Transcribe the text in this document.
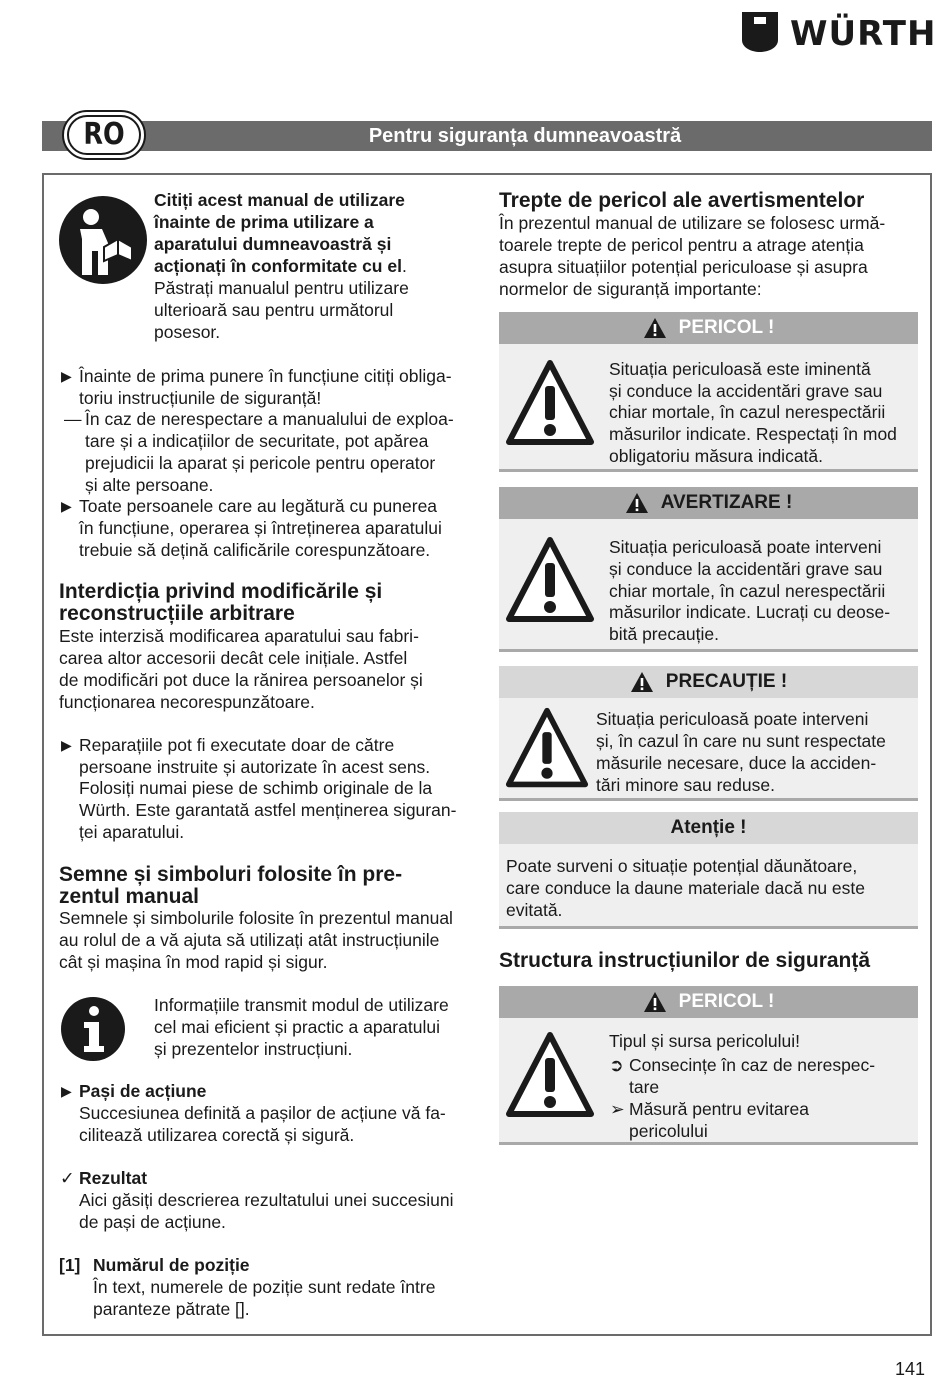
WÜRTH
Pentru siguranța dumneavoastră
RO
Citiți acest manual de utilizare
înainte de prima utilizare a
aparatului dumneavoastră și
acționați în conformitate cu el.
Păstrați manualul pentru utilizare
ulterioară sau pentru următorul
posesor.
▶ Înainte de prima punere în funcțiune citiți obliga-
toriu instrucțiunile de siguranță!
— În caz de nerespectare a manualului de exploa-
tare și a indicațiilor de securitate, pot apărea
prejudicii la aparat și pericole pentru operator
și alte persoane.
▶ Toate persoanele care au legătură cu punerea
în funcțiune, operarea și întreținerea aparatului
trebuie să dețină calificările corespunzătoare.
Interdicția privind modificările și
reconstrucțiile arbitrare
Este interzisă modificarea aparatului sau fabri-
carea altor accesorii decât cele inițiale. Astfel
de modificări pot duce la rănirea persoanelor și
funcționarea necorespunzătoare.
▶ Reparațiile pot fi executate doar de către
persoane instruite și autorizate în acest sens.
Folosiți numai piese de schimb originale de la
Würth. Este garantată astfel menținerea siguran-
ței aparatului.
Semne și simboluri folosite în pre-
zentul manual
Semnele și simbolurile folosite în prezentul manual
au rolul de a vă ajuta să utilizați atât instrucțiunile
cât și mașina în mod rapid și sigur.
Informațiile transmit modul de utilizare
cel mai eficient și practic a aparatului
și prezentelor instrucțiuni.
▶ Pași de acțiune
Succesiunea definită a pașilor de acțiune vă fa-
cilitează utilizarea corectă și sigură.
✓ Rezultat
Aici găsiți descrierea rezultatului unei succesiuni
de pași de acțiune.
[1] Numărul de poziție
În text, numerele de poziție sunt redate între
paranteze pătrate [].
Trepte de pericol ale avertismentelor
În prezentul manual de utilizare se folosesc urmă-
toarele trepte de pericol pentru a atrage atenția
asupra situațiilor potențial periculoase și asupra
normelor de siguranță importante:
PERICOL !
Situația periculoasă este iminentă
și conduce la accidentări grave sau
chiar mortale, în cazul nerespectării
măsurilor indicate. Respectați în mod
obligatoriu măsura indicată.
AVERTIZARE !
Situația periculoasă poate interveni
și conduce la accidentări grave sau
chiar mortale, în cazul nerespectării
măsurilor indicate. Lucrați cu deose-
bită precauție.
PRECAUȚIE !
Situația periculoasă poate interveni
și, în cazul în care nu sunt respectate
măsurile necesare, duce la acciden-
tări minore sau reduse.
Atenție !
Poate surveni o situație potențial dăunătoare,
care conduce la daune materiale dacă nu este
evitată.
Structura instrucțiunilor de siguranță
PERICOL !
Tipul și sursa pericolului!
➲ Consecințe în caz de nerespec-
tare
➢ Măsură pentru evitarea
pericolului
141
